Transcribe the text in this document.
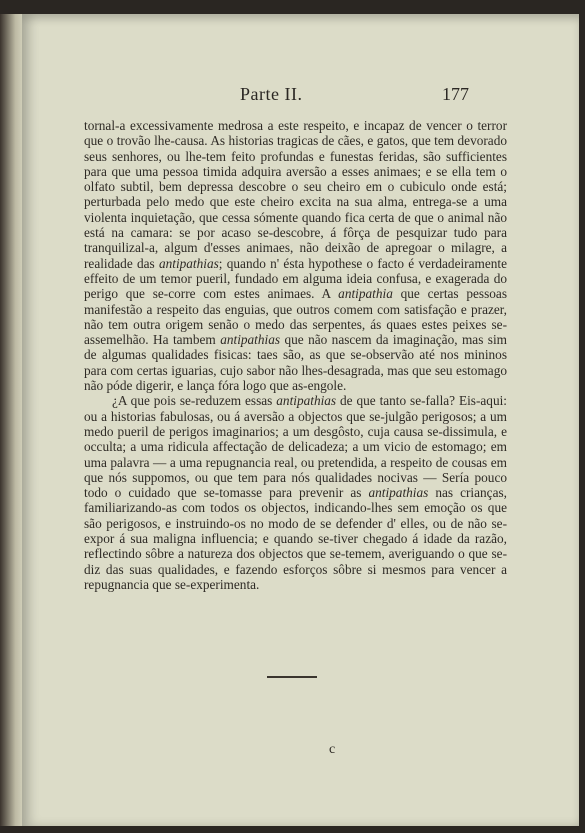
Parte II.	177

tornal-a excessivamente medrosa a este respeito, e incapaz de vencer o terror que o trovão lhe-causa. As historias tragicas de cães, e gatos, que tem devorado seus senhores, ou lhe-tem feito profundas e funestas feridas, são sufficientes para que uma pessoa timida adquira aversão a esses animaes; e se ella tem o olfato subtil, bem depressa descobre o seu cheiro em o cubiculo onde está; perturbada pelo medo que este cheiro excita na sua alma, entrega-se a uma violenta inquietação, que cessa sómente quando fica certa de que o animal não está na camara: se por acaso se-descobre, á fôrça de pesquizar tudo para tranquilizal-a, algum d'esses animaes, não deixão de apregoar o milagre, a realidade das antipathias; quando n' ésta hypothese o facto é verdadeiramente effeito de um temor pueril, fundado em alguma ideia confusa, e exagerada do perigo que se-corre com estes animaes. A antipathia que certas pessoas manifestão a respeito das enguias, que outros comem com satisfação e prazer, não tem outra origem senão o medo das serpentes, ás quaes estes peixes se-assemelhão. Ha tambem antipathias que não nascem da imaginação, mas sim de algumas qualidades fisicas: taes são, as que se-observão até nos mininos para com certas iguarias, cujo sabor não lhes-desagrada, mas que seu estomago não póde digerir, e lança fóra logo que as-engole.

¿A que pois se-reduzem essas antipathias de que tanto se-falla? Eis-aqui: ou a historias fabulosas, ou á aversão a objectos que se-julgão perigosos; a um medo pueril de perigos imaginarios; a um desgôsto, cuja causa se-dissimula, e occulta; a uma ridicula affectação de delicadeza; a um vicio de estomago; em uma palavra — a uma repugnancia real, ou pretendida, a respeito de cousas em que nós suppomos, ou que tem para nós qualidades nocivas — Sería pouco todo o cuidado que se-tomasse para prevenir as antipathias nas crianças, familiarizando-as com todos os objectos, indicando-lhes sem emoção os que são perigosos, e instruindo-os no modo de se defender d' elles, ou de não se-expor á sua maligna influencia; e quando se-tiver chegado á idade da razão, reflectindo sôbre a natureza dos objectos que se-temem, averiguando o que se-diz das suas qualidades, e fazendo esforços sôbre si mesmos para vencer a repugnancia que se-experimenta.

c
